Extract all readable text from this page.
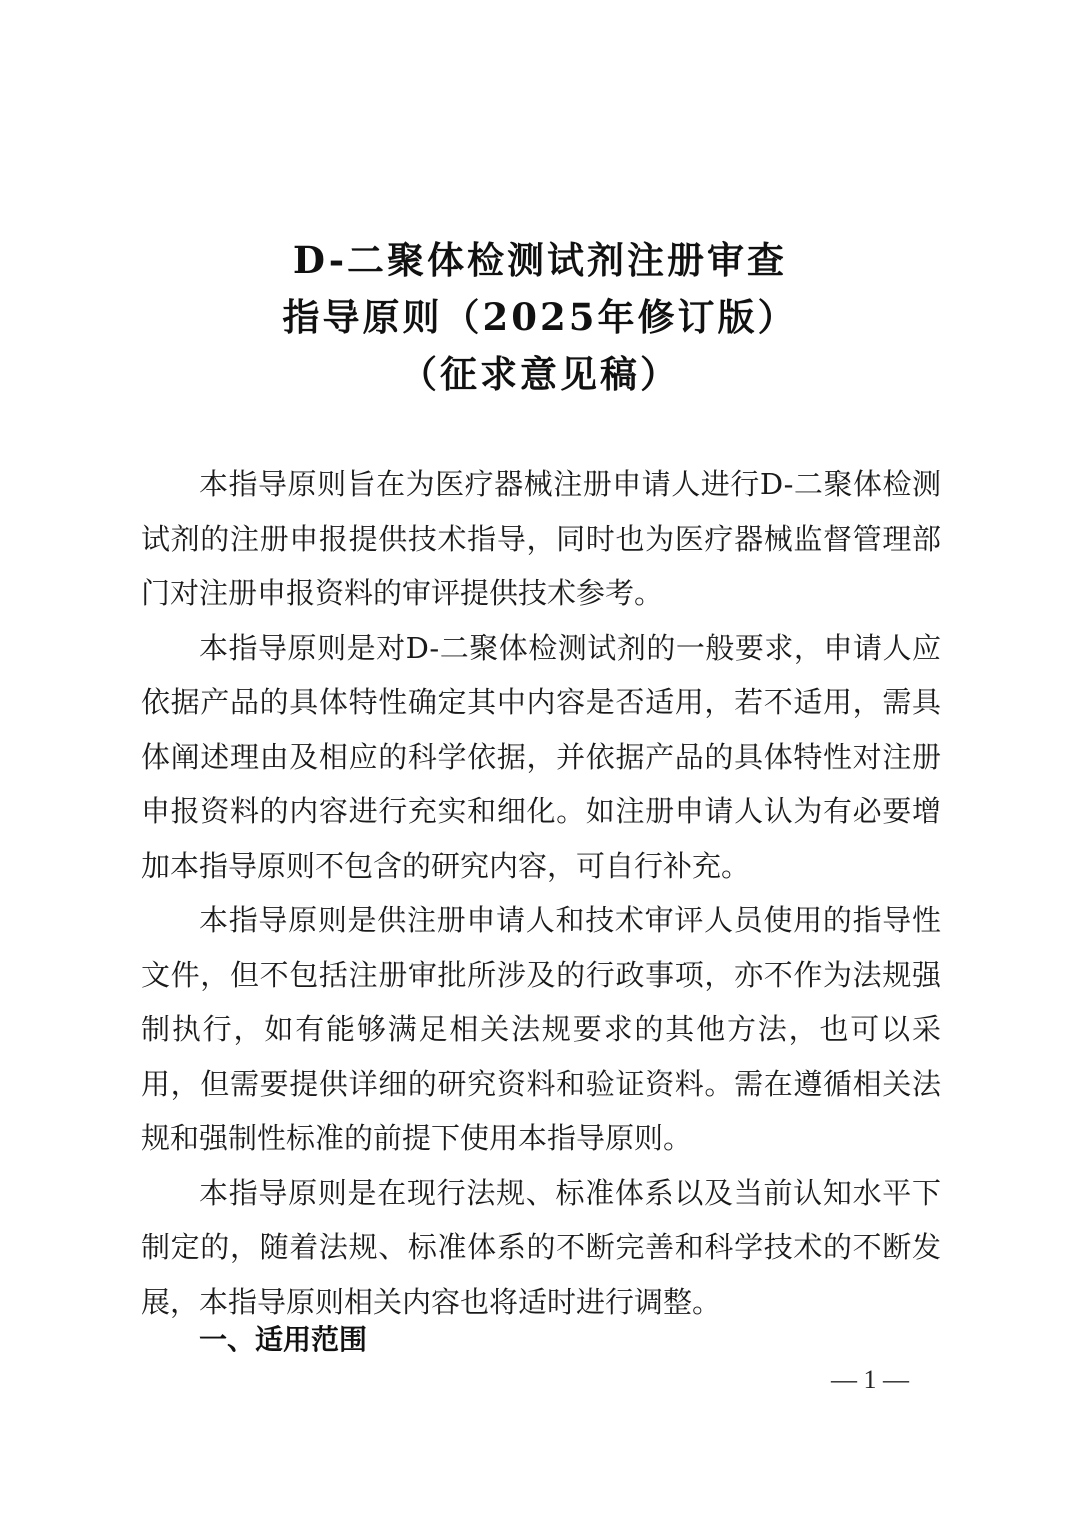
D-二聚体检测试剂注册审查
指导原则（2025年修订版）
（征求意见稿）

本指导原则旨在为医疗器械注册申请人进行D-二聚体检测试剂的注册申报提供技术指导，同时也为医疗器械监督管理部门对注册申报资料的审评提供技术参考。

本指导原则是对D-二聚体检测试剂的一般要求，申请人应依据产品的具体特性确定其中内容是否适用，若不适用，需具体阐述理由及相应的科学依据，并依据产品的具体特性对注册申报资料的内容进行充实和细化。如注册申请人认为有必要增加本指导原则不包含的研究内容，可自行补充。

本指导原则是供注册申请人和技术审评人员使用的指导性文件，但不包括注册审批所涉及的行政事项，亦不作为法规强制执行，如有能够满足相关法规要求的其他方法，也可以采用，但需要提供详细的研究资料和验证资料。需在遵循相关法规和强制性标准的前提下使用本指导原则。

本指导原则是在现行法规、标准体系以及当前认知水平下制定的，随着法规、标准体系的不断完善和科学技术的不断发展，本指导原则相关内容也将适时进行调整。

一、适用范围
— 1 —
